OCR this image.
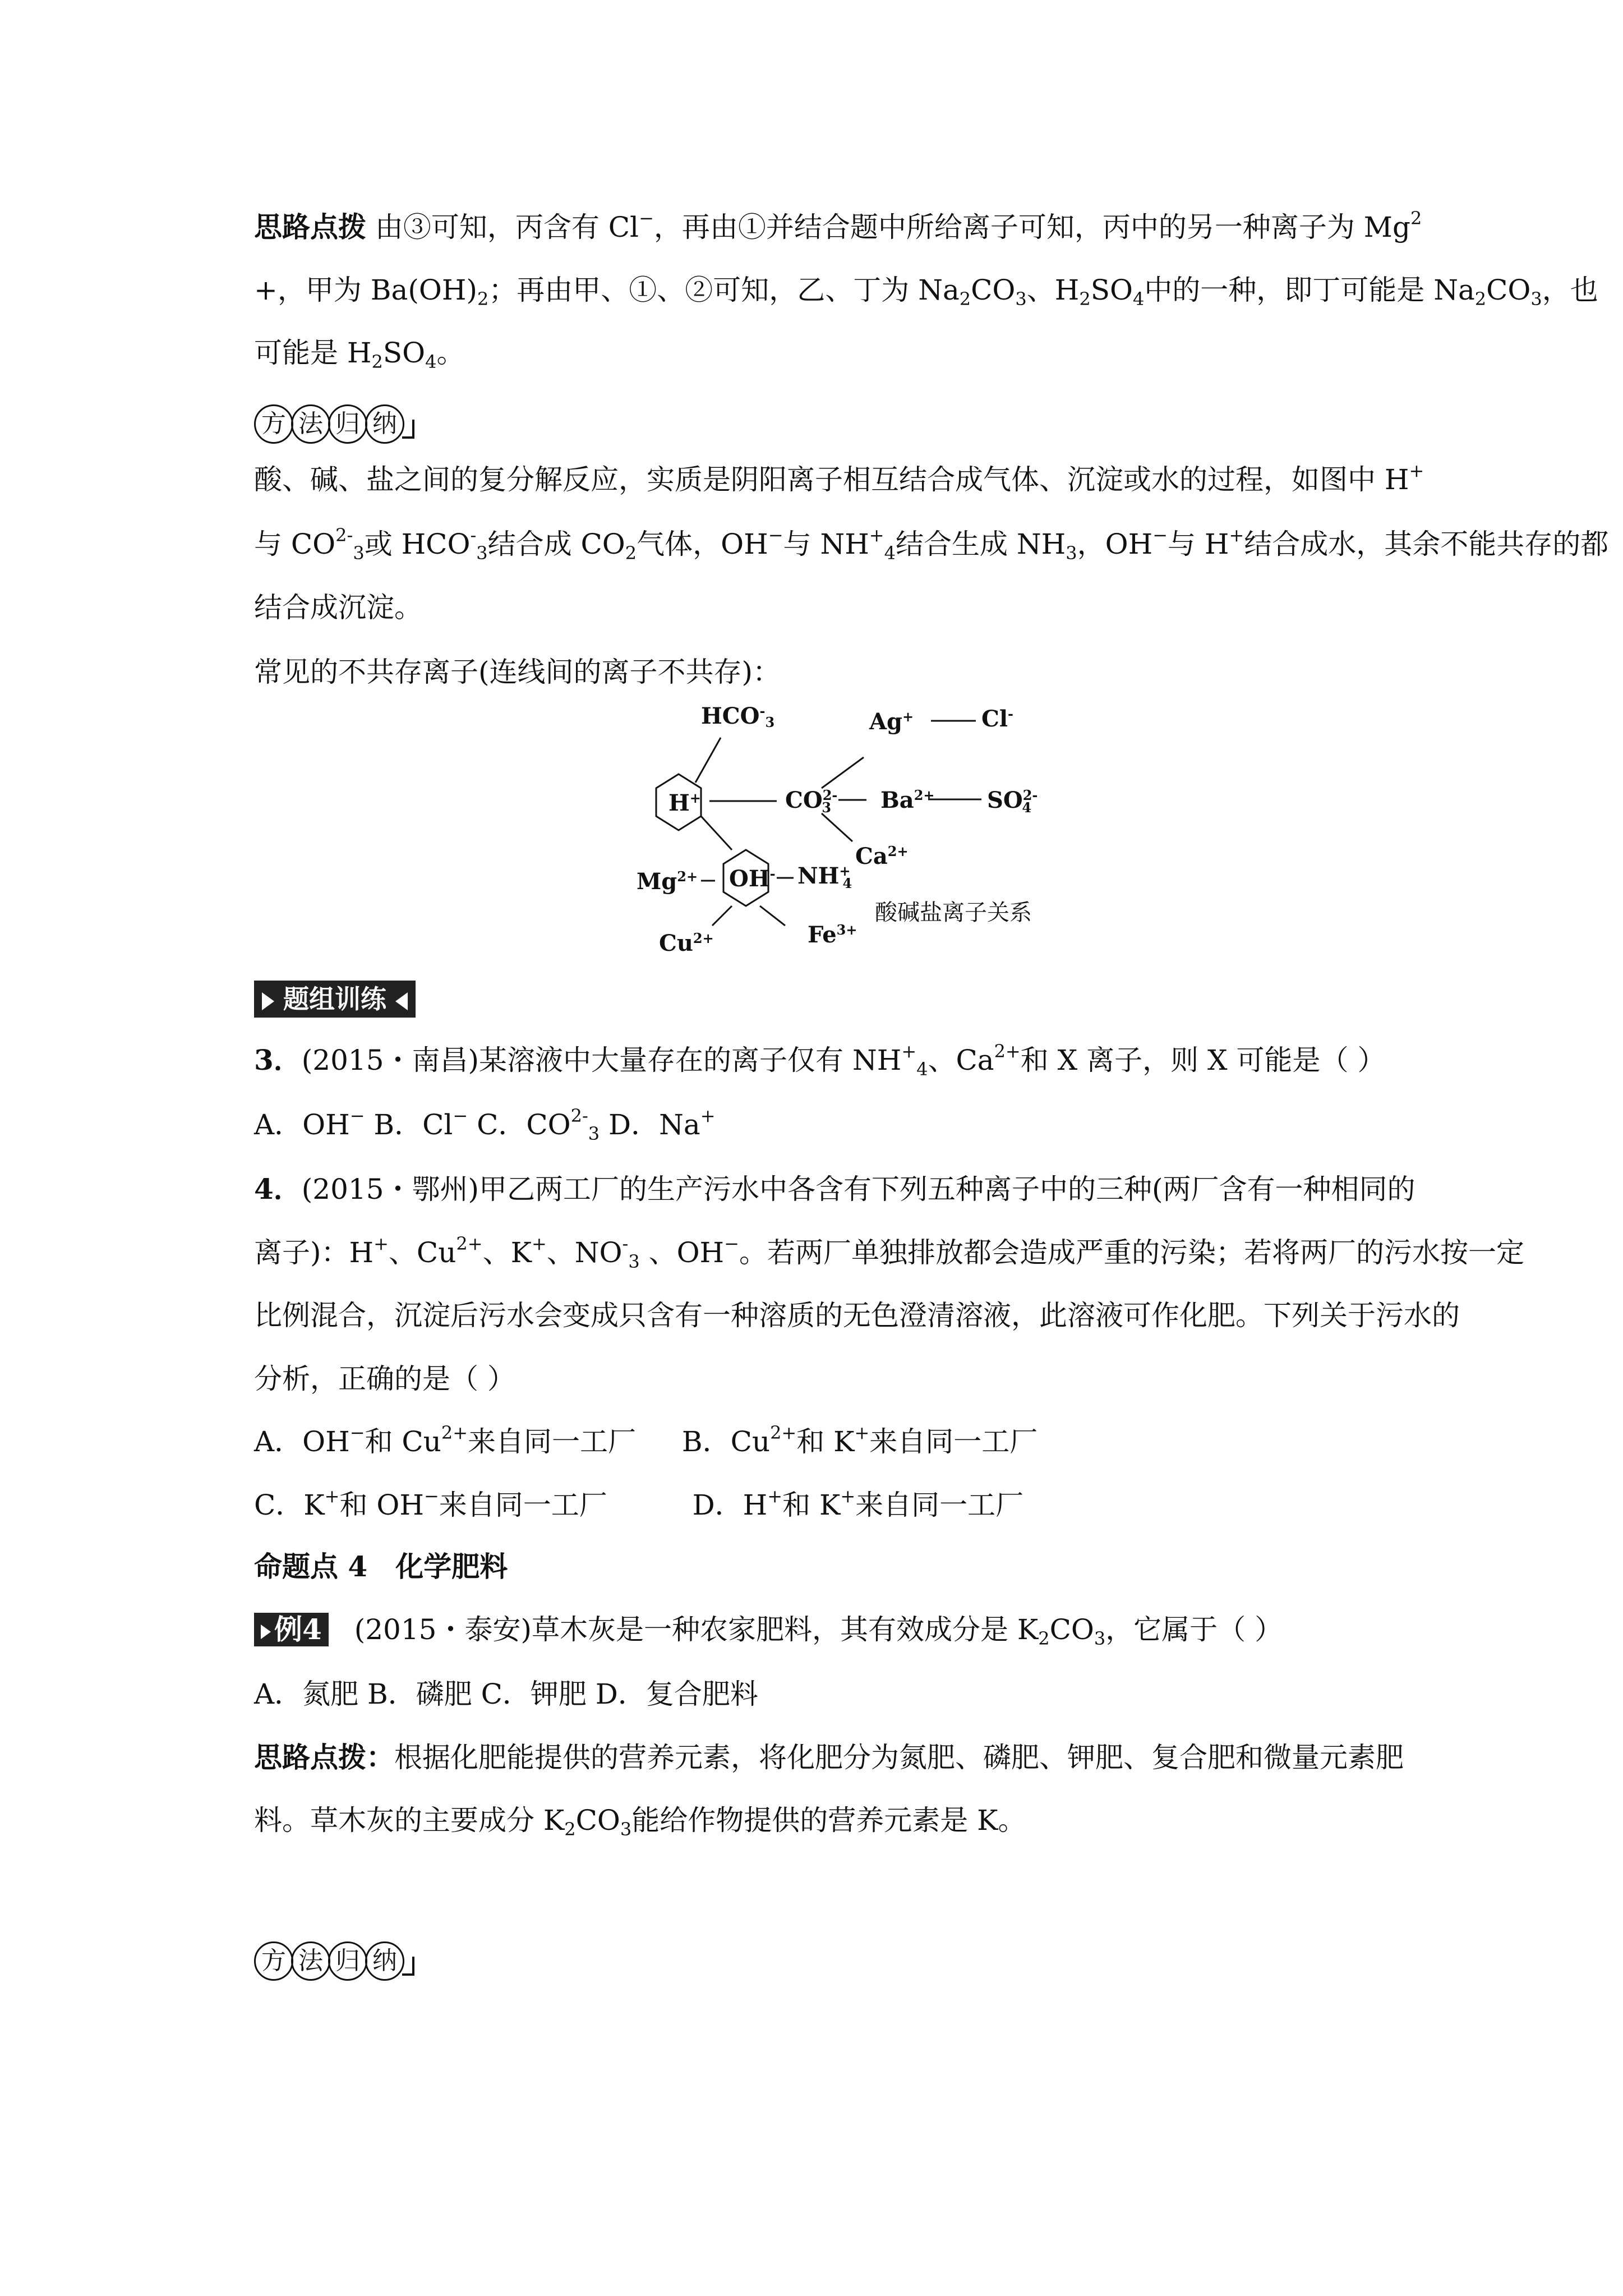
思路点拨 由③可知，丙含有 Cl−，再由①并结合题中所给离子可知，丙中的另一种离子为 $Mg^2$
+，甲为 $Ba(OH)_2$；再由甲、①、②可知，乙、丁为 $Na_2CO_3$、$H_2SO_4$中的一种，即丁可能是 $Na_2CO_3$，也
可能是 $H_2SO_4$。
方 法 归 纳
酸、碱、盐之间的复分解反应，实质是阴阳离子相互结合成气体、沉淀或水的过程，如图中 H+
与 $CO^{2-}_3$或 $HCO^-_3$结合成 $CO_2$气体，OH−与 $NH^+_4$结合生成 $NH_3$，OH−与 H+结合成水，其余不能共存的都
结合成沉淀。
常见的不共存离子(连线间的离子不共存)：
$HCO^-_3$
H+	$CO^{2-}3$
Ag+	Cl-
$Ba^{2+}$ $SO^{2-}4$
$Ca^{2+}$
$Mg^{2+}$ OH- NH+ 4
$Cu^{2+}$	$Fe^{3+}$
酸碱盐离子关系
题组训练
3．(2015・南昌)某溶液中大量存在的离子仅有 $NH^+_4$、$Ca^{2+}$和 X 离子，则 X 可能是（ ）
A．OH− B．Cl− C．$CO^{2-}_3$ D．Na+
4．(2015・鄂州)甲乙两工厂的生产污水中各含有下列五种离子中的三种(两厂含有一种相同的
离子)：H+、$Cu^{2+}$、K+、$NO^-_3$ 、OH−。若两厂单独排放都会造成严重的污染；若将两厂的污水按一定
比例混合，沉淀后污水会变成只含有一种溶质的无色澄清溶液，此溶液可作化肥。下列关于污水的
分析，正确的是（ ）
A．OH−和 $Cu^{2+}$来自同一工厂 B．$Cu^{2+}$和 K+来自同一工厂
C．K+和 OH−来自同一工厂	D．H+和 K+来自同一工厂
命题点 4　化学肥料
例4 (2015・泰安)草木灰是一种农家肥料，其有效成分是 $K_2CO_3$，它属于（ ）
A．氮肥 B．磷肥 C．钾肥 D．复合肥料
思路点拨：根据化肥能提供的营养元素，将化肥分为氮肥、磷肥、钾肥、复合肥和微量元素肥
料。草木灰的主要成分 $K_2CO_3$能给作物提供的营养元素是 K。
方 法 归 纳
